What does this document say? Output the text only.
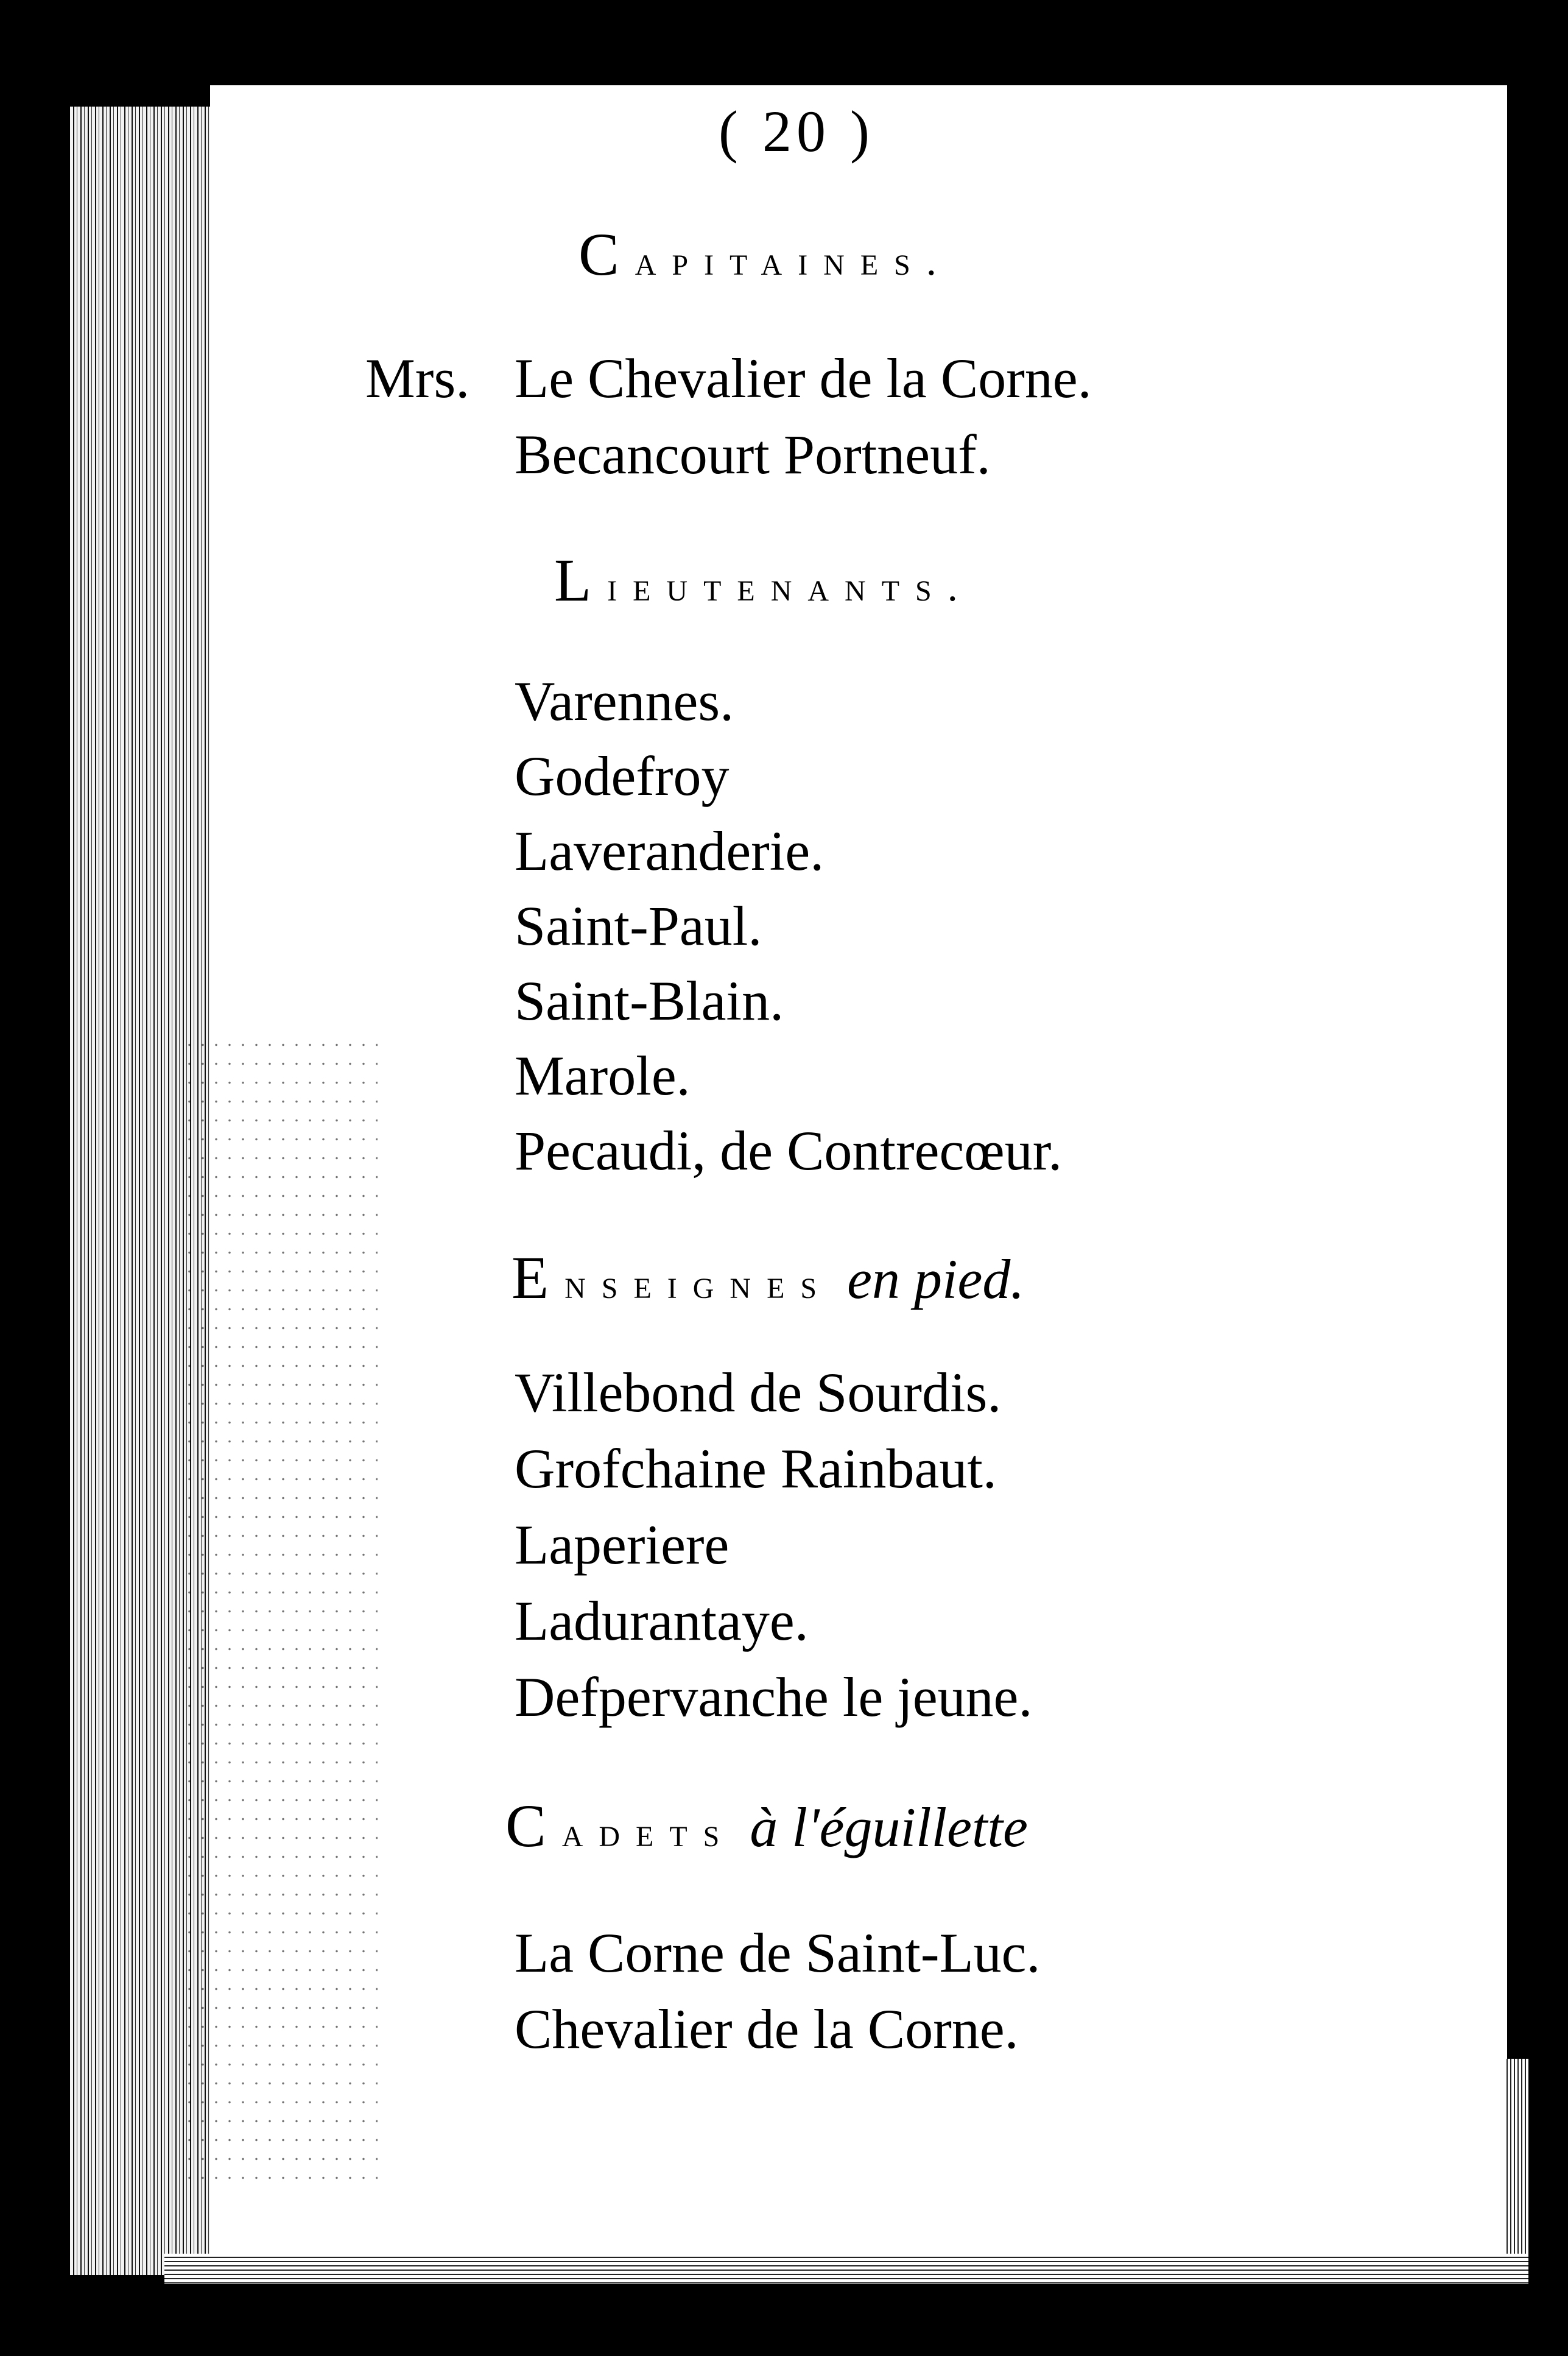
( 20 )
Capitaines.
Mrs. Le Chevalier de la Corne.
Becancourt Portneuf.
Lieutenants.
Varennes.
Godefroy
Laveranderie.
Saint-Paul.
Saint-Blain.
Marole.
Pecaudi, de Contrecœur.
Enseignes en pied.
Villebond de Sourdis.
Grofchaine Rainbaut.
Laperiere
Ladurantaye.
Defpervanche le jeune.
Cadets à l'éguillette
La Corne de Saint-Luc.
Chevalier de la Corne.
